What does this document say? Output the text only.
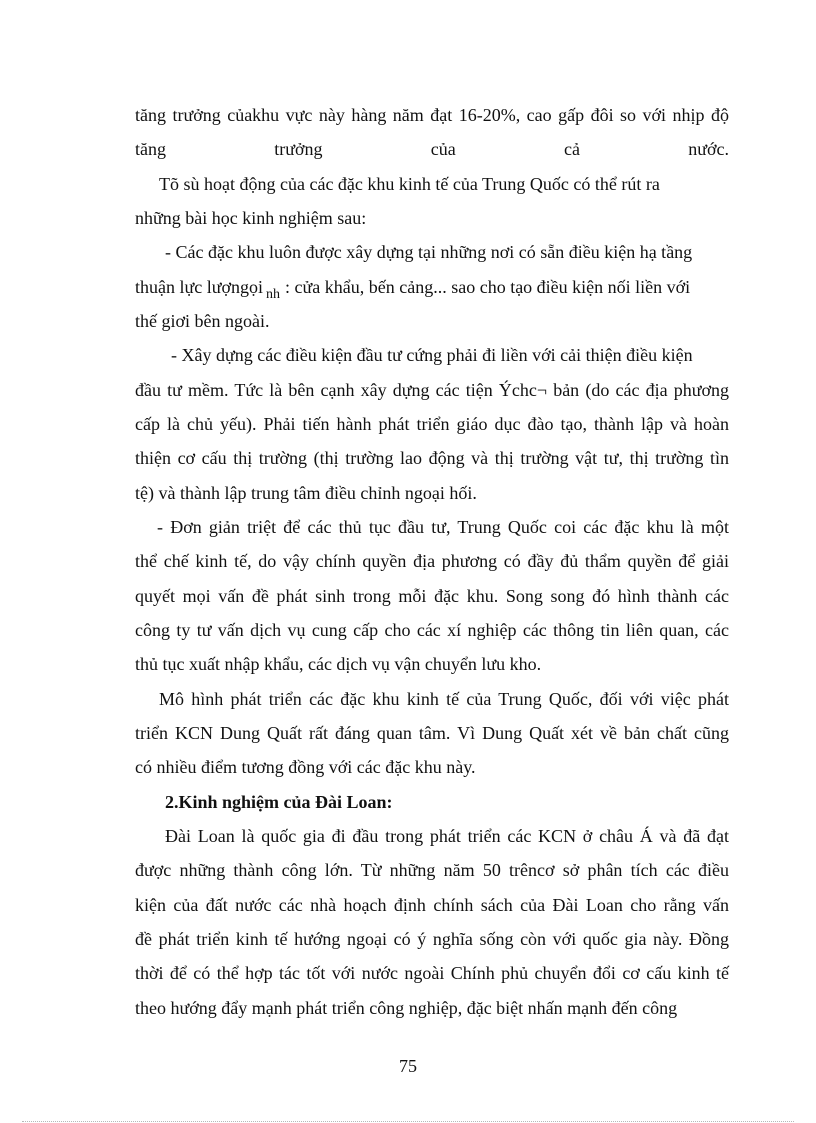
tăng trưởng củakhu vực này hàng năm đạt 16-20%, cao gấp đôi so với nhịp độ
tăng trưởng của cả nước.
Tõ sù hoạt động của các đặc khu kinh tế của Trung Quốc có thể rút ra
những bài học kinh nghiệm sau:
- Các đặc khu luôn được xây dựng tại những nơi có sẵn điều kiện hạ tầng
thuận lực lượngọi $_{nh}$ : cửa khẩu, bến cảng... sao cho tạo điều kiện nối liền với
thế giơi bên ngoài.
- Xây dựng các điều kiện đầu tư cứng phải đi liền với cải thiện điều kiện
đầu tư mềm. Tức là bên cạnh xây dựng các tiện Ýchc¬ bản (do các địa phương
cấp là chủ yếu). Phải tiến hành phát triển giáo dục đào tạo, thành lập và hoàn
thiện cơ cấu thị trường (thị trường lao động và thị trường vật tư, thị trường tìn
tệ) và thành lập trung tâm điều chỉnh ngoại hối.
- Đơn giản triệt để các thủ tục đầu tư, Trung Quốc coi các đặc khu là một
thể chế kinh tế, do vậy chính quyền địa phương có đầy đủ thẩm quyền để giải
quyết mọi vấn đề phát sinh trong mỗi đặc khu. Song song đó hình thành các
công ty tư vấn dịch vụ cung cấp cho các xí nghiệp các thông tin liên quan, các
thủ tục xuất nhập khẩu, các dịch vụ vận chuyển lưu kho.
Mô hình phát triển các đặc khu kinh tế của Trung Quốc, đối với việc phát
triển KCN Dung Quất rất đáng quan tâm. Vì Dung Quất xét về bản chất cũng
có nhiều điểm tương đồng với các đặc khu này.
2.Kinh nghiệm của Đài Loan:
Đài Loan là quốc gia đi đầu trong phát triển các KCN ở châu Á và đã đạt
được những thành công lớn. Từ những năm 50 trêncơ sở phân tích các điều
kiện của đất nước các nhà hoạch định chính sách của Đài Loan cho rằng vấn
đề phát triển kinh tế hướng ngoại có ý nghĩa sống còn với quốc gia này. Đồng
thời để có thể hợp tác tốt với nước ngoài Chính phủ chuyển đổi cơ cấu kinh tế
theo hướng đẩy mạnh phát triển công nghiệp, đặc biệt nhấn mạnh đến công
75
